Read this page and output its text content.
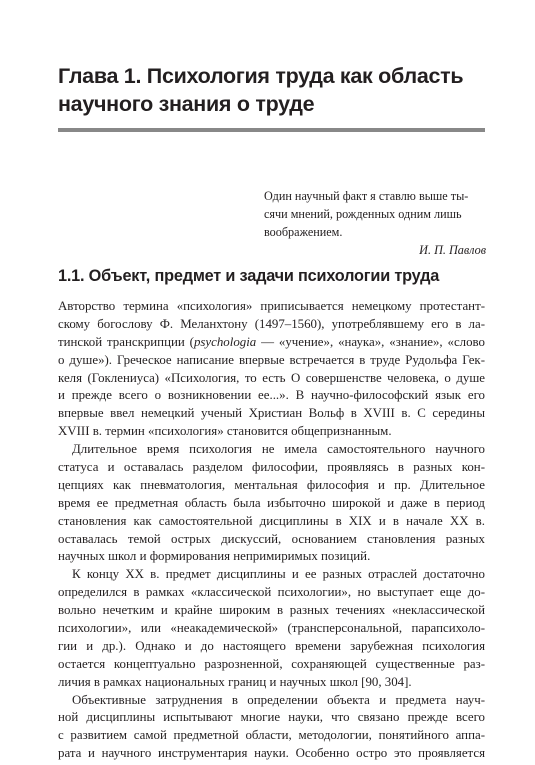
Глава 1. Психология труда как область
научного знания о труде
Один научный факт я ставлю выше ты-
сячи мнений, рожденных одним лишь
воображением.
И. П. Павлов
1.1. Объект, предмет и задачи психологии труда
Авторство термина «психология» приписывается немецкому протестант-
скому богослову Ф. Меланхтону (1497–1560), употреблявшему его в ла-
тинской транскрипции (psychologia — «учение», «наука», «знание», «слово
о душе»). Греческое написание впервые встречается в труде Рудольфа Гек-
келя (Гоклениуса) «Психология, то есть О совершенстве человека, о душе
и прежде всего о возникновении ее...». В научно-философский язык его
впервые ввел немецкий ученый Христиан Вольф в XVIII в. С середины
XVIII в. термин «психология» становится общепризнанным.
Длительное время психология не имела самостоятельного научного
статуса и оставалась разделом философии, проявляясь в разных кон-
цепциях как пневматология, ментальная философия и пр. Длительное
время ее предметная область была избыточно широкой и даже в период
становления как самостоятельной дисциплины в XIX и в начале XX в.
оставалась темой острых дискуссий, основанием становления разных
научных школ и формирования непримиримых позиций.
К концу XX в. предмет дисциплины и ее разных отраслей достаточно
определился в рамках «классической психологии», но выступает еще до-
вольно нечетким и крайне широким в разных течениях «неклассической
психологии», или «неакадемической» (трансперсональной, парапсихоло-
гии и др.). Однако и до настоящего времени зарубежная психология
остается концептуально разрозненной, сохраняющей существенные раз-
личия в рамках национальных границ и научных школ [90, 304].
Объективные затруднения в определении объекта и предмета науч-
ной дисциплины испытывают многие науки, что связано прежде всего
с развитием самой предметной области, методологии, понятийного аппа-
рата и научного инструментария науки. Особенно остро это проявляется
